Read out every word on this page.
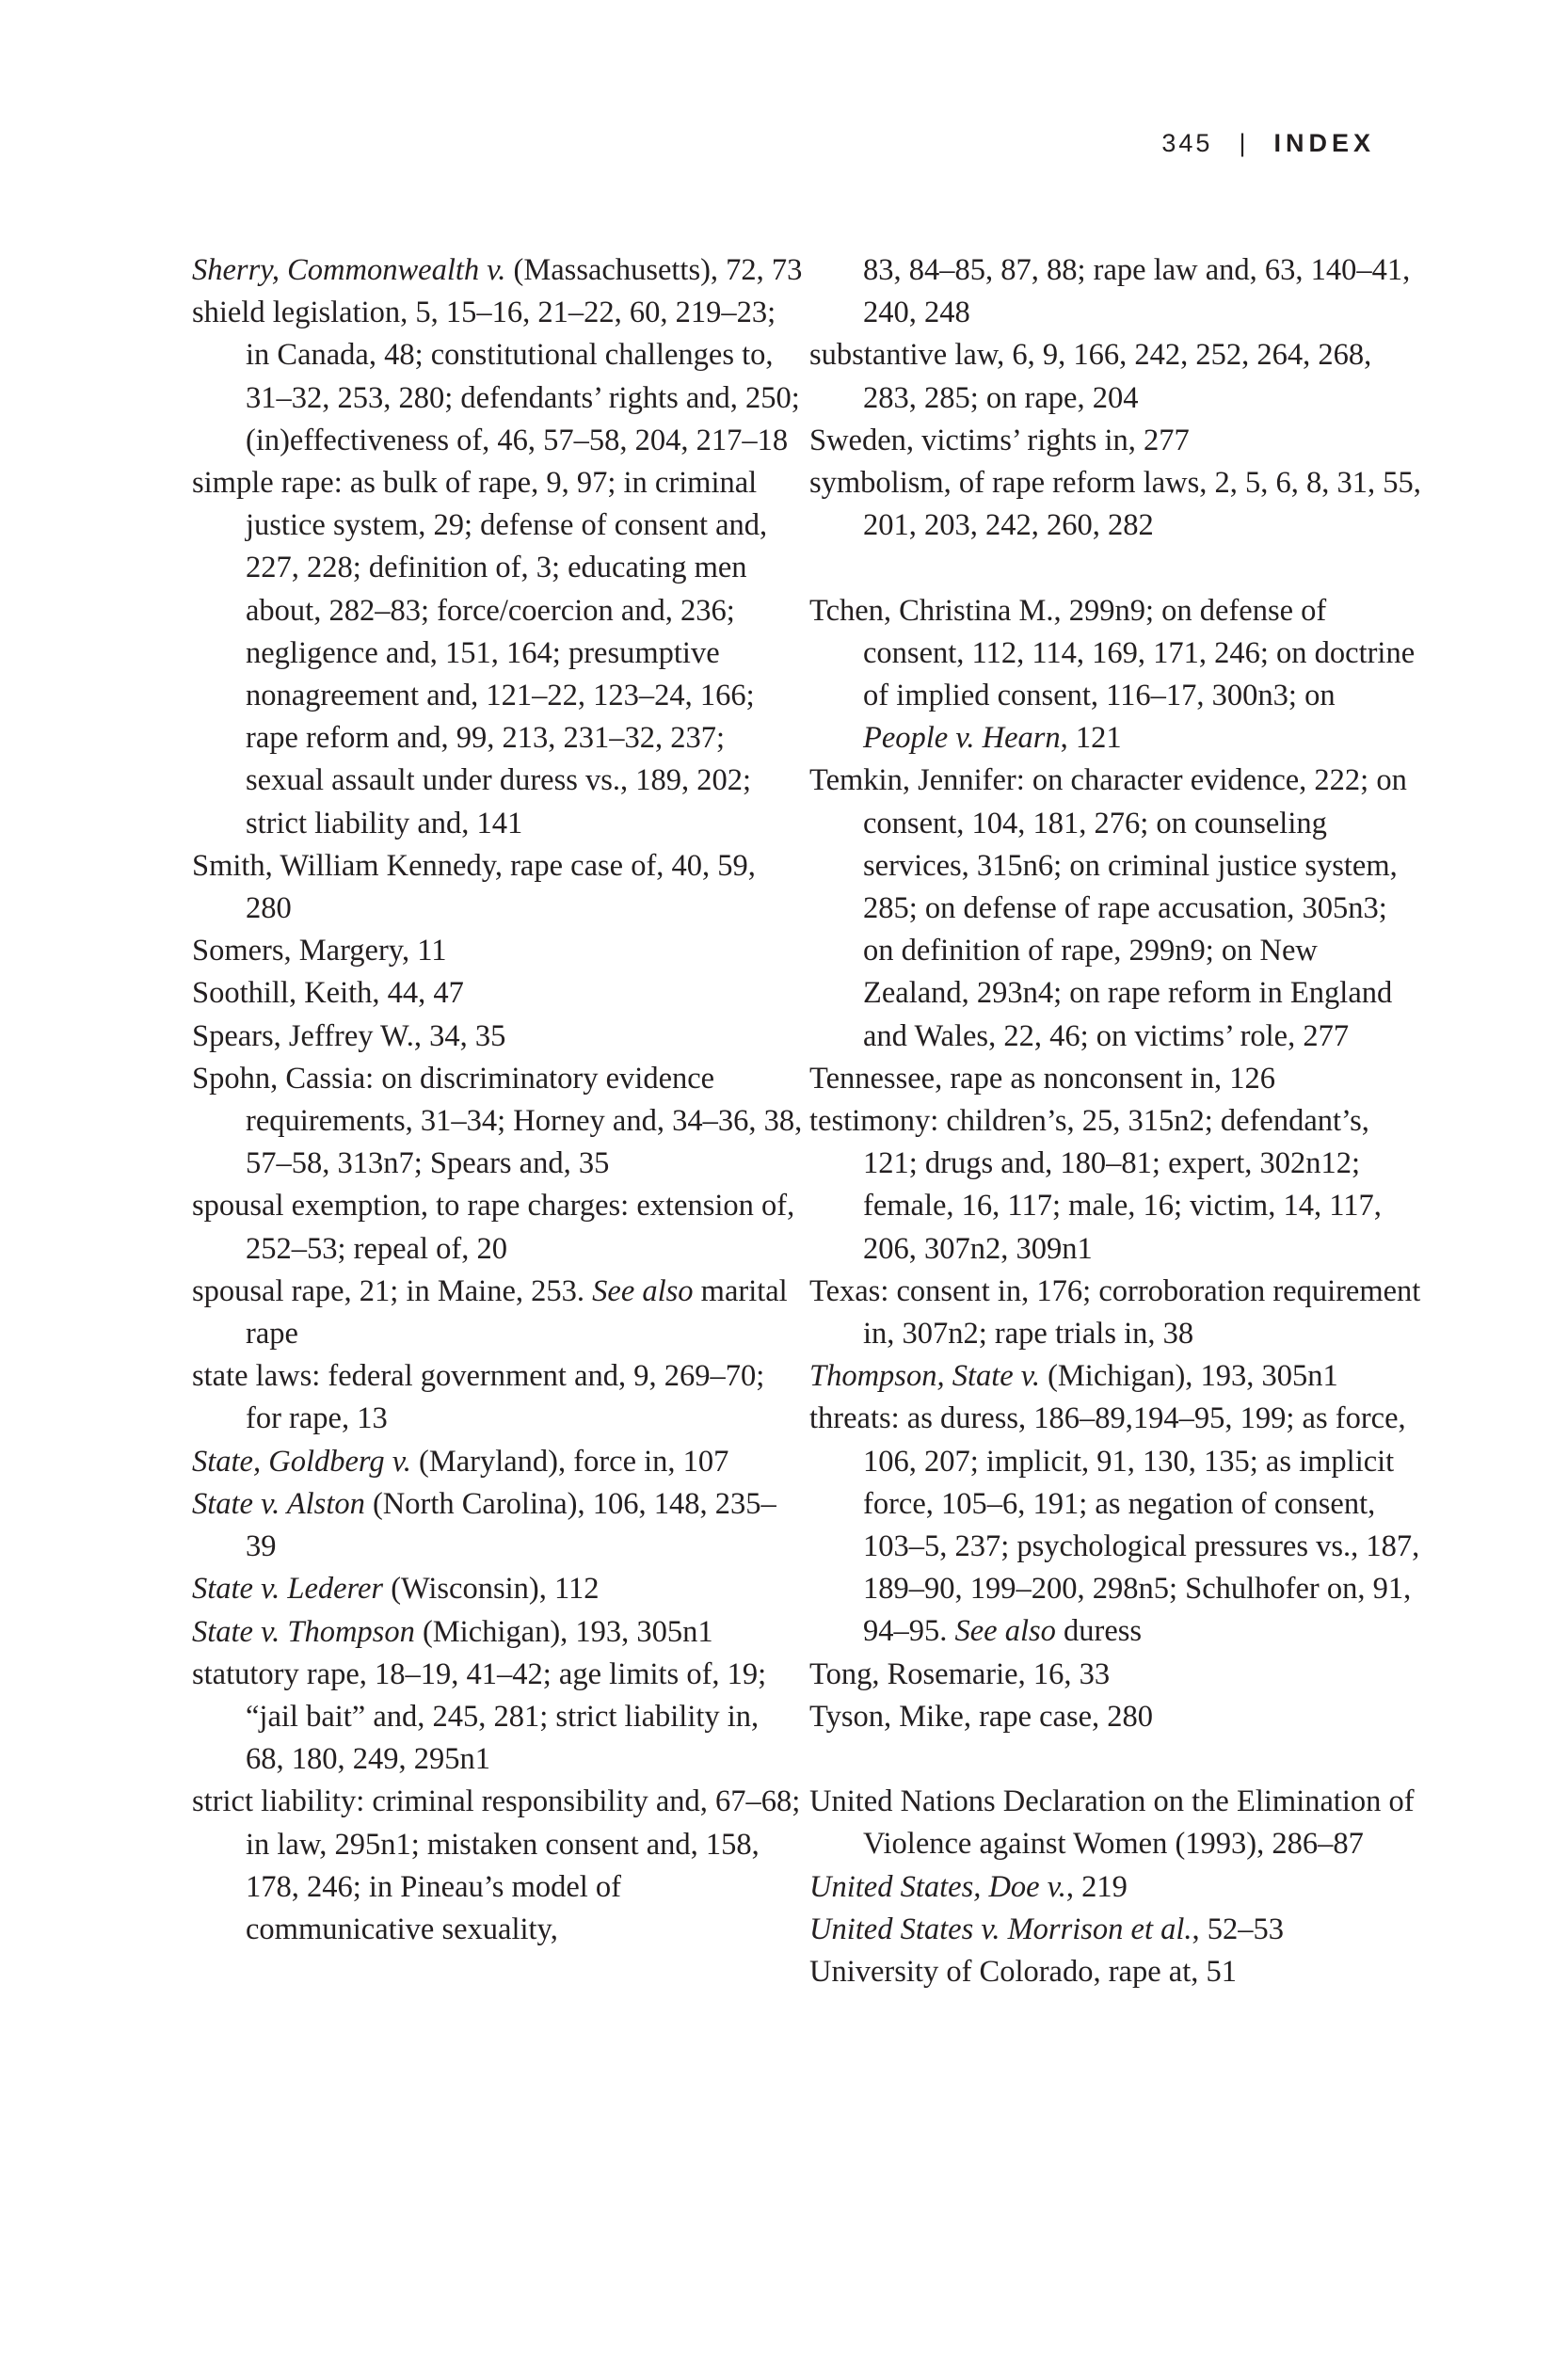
345 | INDEX

Sherry, Commonwealth v. (Massachusetts), 72, 73

shield legislation, 5, 15–16, 21–22, 60, 219–23; in Canada, 48; constitutional challenges to, 31–32, 253, 280; defendants’ rights and, 250; (in)effectiveness of, 46, 57–58, 204, 217–18

simple rape: as bulk of rape, 9, 97; in criminal justice system, 29; defense of consent and, 227, 228; definition of, 3; educating men about, 282–83; force/coercion and, 236; negligence and, 151, 164; presumptive nonagreement and, 121–22, 123–24, 166; rape reform and, 99, 213, 231–32, 237; sexual assault under duress vs., 189, 202; strict liability and, 141

Smith, William Kennedy, rape case of, 40, 59, 280

Somers, Margery, 11

Soothill, Keith, 44, 47

Spears, Jeffrey W., 34, 35

Spohn, Cassia: on discriminatory evidence requirements, 31–34; Horney and, 34–36, 38, 57–58, 313n7; Spears and, 35

spousal exemption, to rape charges: extension of, 252–53; repeal of, 20

spousal rape, 21; in Maine, 253. See also marital rape

state laws: federal government and, 9, 269–70; for rape, 13

State, Goldberg v. (Maryland), force in, 107

State v. Alston (North Carolina), 106, 148, 235–39

State v. Lederer (Wisconsin), 112

State v. Thompson (Michigan), 193, 305n1

statutory rape, 18–19, 41–42; age limits of, 19; “jail bait” and, 245, 281; strict liability in, 68, 180, 249, 295n1

strict liability: criminal responsibility and, 67–68; in law, 295n1; mistaken consent and, 158, 178, 246; in Pineau’s model of communicative sexuality,

83, 84–85, 87, 88; rape law and, 63, 140–41, 240, 248

substantive law, 6, 9, 166, 242, 252, 264, 268, 283, 285; on rape, 204

Sweden, victims’ rights in, 277

symbolism, of rape reform laws, 2, 5, 6, 8, 31, 55, 201, 203, 242, 260, 282

Tchen, Christina M., 299n9; on defense of consent, 112, 114, 169, 171, 246; on doctrine of implied consent, 116–17, 300n3; on People v. Hearn, 121

Temkin, Jennifer: on character evidence, 222; on consent, 104, 181, 276; on counseling services, 315n6; on criminal justice system, 285; on defense of rape accusation, 305n3; on definition of rape, 299n9; on New Zealand, 293n4; on rape reform in England and Wales, 22, 46; on victims’ role, 277

Tennessee, rape as nonconsent in, 126

testimony: children’s, 25, 315n2; defendant’s, 121; drugs and, 180–81; expert, 302n12; female, 16, 117; male, 16; victim, 14, 117, 206, 307n2, 309n1

Texas: consent in, 176; corroboration requirement in, 307n2; rape trials in, 38

Thompson, State v. (Michigan), 193, 305n1

threats: as duress, 186–89,194–95, 199; as force, 106, 207; implicit, 91, 130, 135; as implicit force, 105–6, 191; as negation of consent, 103–5, 237; psychological pressures vs., 187, 189–90, 199–200, 298n5; Schulhofer on, 91, 94–95. See also duress

Tong, Rosemarie, 16, 33

Tyson, Mike, rape case, 280

United Nations Declaration on the Elimination of Violence against Women (1993), 286–87

United States, Doe v., 219

United States v. Morrison et al., 52–53

University of Colorado, rape at, 51
